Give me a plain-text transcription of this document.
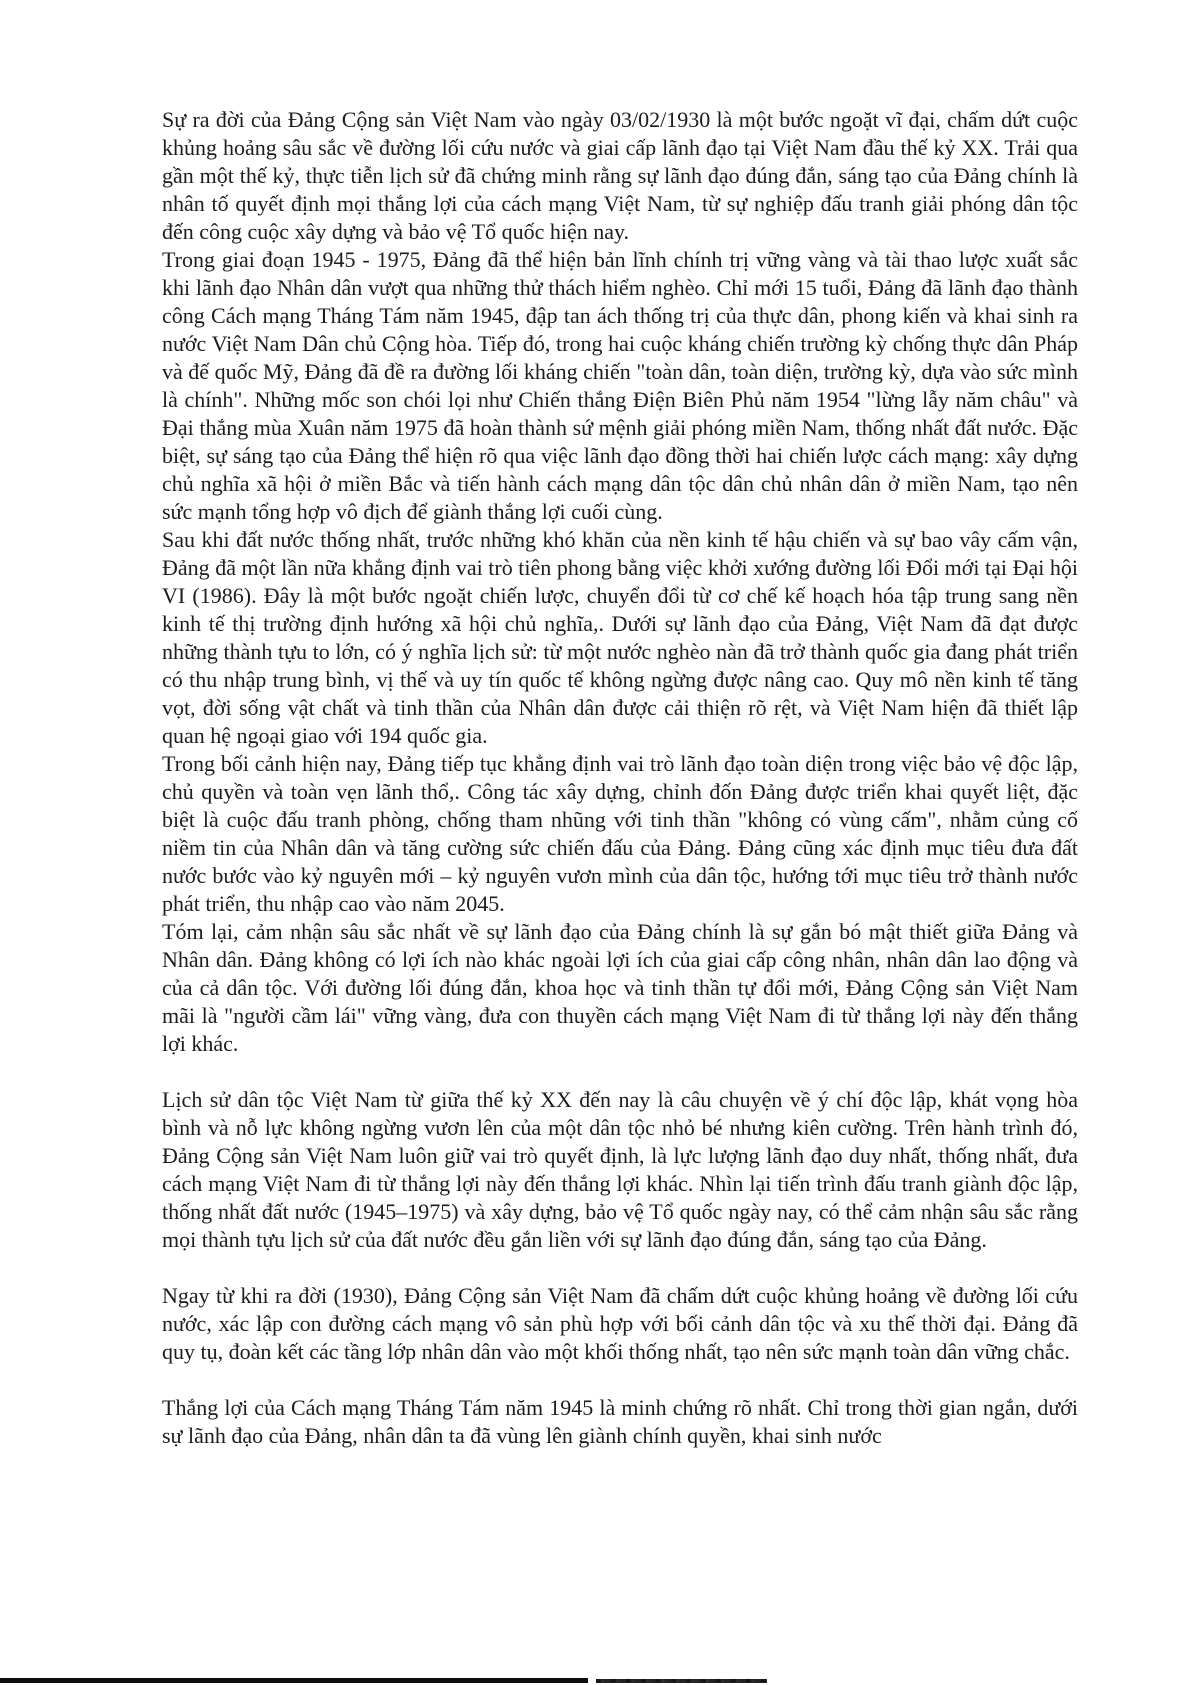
Sự ra đời của Đảng Cộng sản Việt Nam vào ngày 03/02/1930 là một bước ngoặt vĩ đại, chấm dứt cuộc khủng hoảng sâu sắc về đường lối cứu nước và giai cấp lãnh đạo tại Việt Nam đầu thế kỷ XX. Trải qua gần một thế kỷ, thực tiễn lịch sử đã chứng minh rằng sự lãnh đạo đúng đắn, sáng tạo của Đảng chính là nhân tố quyết định mọi thắng lợi của cách mạng Việt Nam, từ sự nghiệp đấu tranh giải phóng dân tộc đến công cuộc xây dựng và bảo vệ Tổ quốc hiện nay.

Trong giai đoạn 1945 - 1975, Đảng đã thể hiện bản lĩnh chính trị vững vàng và tài thao lược xuất sắc khi lãnh đạo Nhân dân vượt qua những thử thách hiểm nghèo. Chỉ mới 15 tuổi, Đảng đã lãnh đạo thành công Cách mạng Tháng Tám năm 1945, đập tan ách thống trị của thực dân, phong kiến và khai sinh ra nước Việt Nam Dân chủ Cộng hòa. Tiếp đó, trong hai cuộc kháng chiến trường kỳ chống thực dân Pháp và đế quốc Mỹ, Đảng đã đề ra đường lối kháng chiến "toàn dân, toàn diện, trường kỳ, dựa vào sức mình là chính". Những mốc son chói lọi như Chiến thắng Điện Biên Phủ năm 1954 "lừng lẫy năm châu" và Đại thắng mùa Xuân năm 1975 đã hoàn thành sứ mệnh giải phóng miền Nam, thống nhất đất nước. Đặc biệt, sự sáng tạo của Đảng thể hiện rõ qua việc lãnh đạo đồng thời hai chiến lược cách mạng: xây dựng chủ nghĩa xã hội ở miền Bắc và tiến hành cách mạng dân tộc dân chủ nhân dân ở miền Nam, tạo nên sức mạnh tổng hợp vô địch để giành thắng lợi cuối cùng.

Sau khi đất nước thống nhất, trước những khó khăn của nền kinh tế hậu chiến và sự bao vây cấm vận, Đảng đã một lần nữa khẳng định vai trò tiên phong bằng việc khởi xướng đường lối Đổi mới tại Đại hội VI (1986). Đây là một bước ngoặt chiến lược, chuyển đổi từ cơ chế kế hoạch hóa tập trung sang nền kinh tế thị trường định hướng xã hội chủ nghĩa,. Dưới sự lãnh đạo của Đảng, Việt Nam đã đạt được những thành tựu to lớn, có ý nghĩa lịch sử: từ một nước nghèo nàn đã trở thành quốc gia đang phát triển có thu nhập trung bình, vị thế và uy tín quốc tế không ngừng được nâng cao. Quy mô nền kinh tế tăng vọt, đời sống vật chất và tinh thần của Nhân dân được cải thiện rõ rệt, và Việt Nam hiện đã thiết lập quan hệ ngoại giao với 194 quốc gia.

Trong bối cảnh hiện nay, Đảng tiếp tục khẳng định vai trò lãnh đạo toàn diện trong việc bảo vệ độc lập, chủ quyền và toàn vẹn lãnh thổ,. Công tác xây dựng, chỉnh đốn Đảng được triển khai quyết liệt, đặc biệt là cuộc đấu tranh phòng, chống tham nhũng với tinh thần "không có vùng cấm", nhằm củng cố niềm tin của Nhân dân và tăng cường sức chiến đấu của Đảng. Đảng cũng xác định mục tiêu đưa đất nước bước vào kỷ nguyên mới – kỷ nguyên vươn mình của dân tộc, hướng tới mục tiêu trở thành nước phát triển, thu nhập cao vào năm 2045.

Tóm lại, cảm nhận sâu sắc nhất về sự lãnh đạo của Đảng chính là sự gắn bó mật thiết giữa Đảng và Nhân dân. Đảng không có lợi ích nào khác ngoài lợi ích của giai cấp công nhân, nhân dân lao động và của cả dân tộc. Với đường lối đúng đắn, khoa học và tinh thần tự đổi mới, Đảng Cộng sản Việt Nam mãi là "người cầm lái" vững vàng, đưa con thuyền cách mạng Việt Nam đi từ thắng lợi này đến thắng lợi khác.

Lịch sử dân tộc Việt Nam từ giữa thế kỷ XX đến nay là câu chuyện về ý chí độc lập, khát vọng hòa bình và nỗ lực không ngừng vươn lên của một dân tộc nhỏ bé nhưng kiên cường. Trên hành trình đó, Đảng Cộng sản Việt Nam luôn giữ vai trò quyết định, là lực lượng lãnh đạo duy nhất, thống nhất, đưa cách mạng Việt Nam đi từ thắng lợi này đến thắng lợi khác. Nhìn lại tiến trình đấu tranh giành độc lập, thống nhất đất nước (1945–1975) và xây dựng, bảo vệ Tổ quốc ngày nay, có thể cảm nhận sâu sắc rằng mọi thành tựu lịch sử của đất nước đều gắn liền với sự lãnh đạo đúng đắn, sáng tạo của Đảng.

Ngay từ khi ra đời (1930), Đảng Cộng sản Việt Nam đã chấm dứt cuộc khủng hoảng về đường lối cứu nước, xác lập con đường cách mạng vô sản phù hợp với bối cảnh dân tộc và xu thế thời đại. Đảng đã quy tụ, đoàn kết các tầng lớp nhân dân vào một khối thống nhất, tạo nên sức mạnh toàn dân vững chắc.

Thắng lợi của Cách mạng Tháng Tám năm 1945 là minh chứng rõ nhất. Chỉ trong thời gian ngắn, dưới sự lãnh đạo của Đảng, nhân dân ta đã vùng lên giành chính quyền, khai sinh nước
